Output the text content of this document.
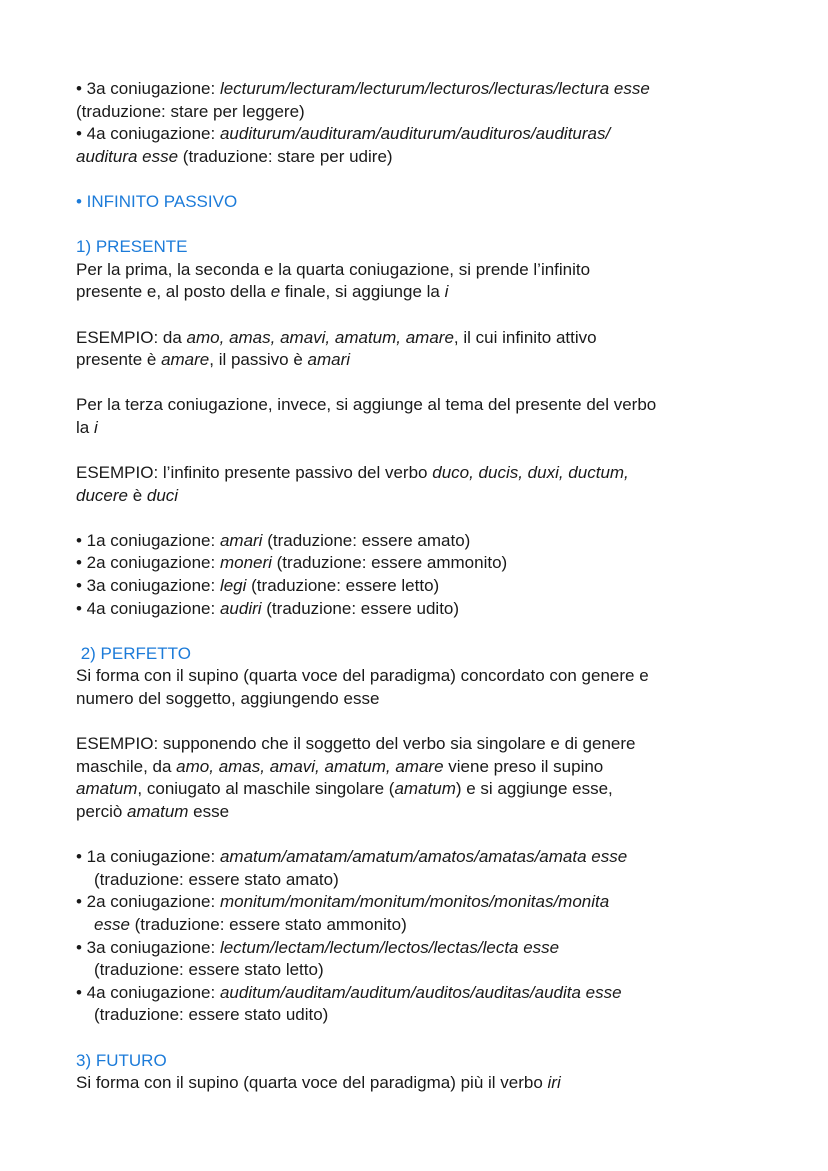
• 3a coniugazione: lecturum/lecturam/lecturum/lecturos/lecturas/lectura esse
(traduzione: stare per leggere)
• 4a coniugazione: auditurum/audituram/auditurum/audituros/audituras/
auditura esse (traduzione: stare per udire)
• INFINITO PASSIVO
1) PRESENTE
Per la prima, la seconda e la quarta coniugazione, si prende l’infinito
presente e, al posto della e finale, si aggiunge la i
ESEMPIO: da amo, amas, amavi, amatum, amare, il cui infinito attivo
presente è amare, il passivo è amari
Per la terza coniugazione, invece, si aggiunge al tema del presente del verbo
la i
ESEMPIO: l’infinito presente passivo del verbo duco, ducis, duxi, ductum,
ducere è duci
• 1a coniugazione: amari (traduzione: essere amato)
• 2a coniugazione: moneri (traduzione: essere ammonito)
• 3a coniugazione: legi (traduzione: essere letto)
• 4a coniugazione: audiri (traduzione: essere udito)
2) PERFETTO
Si forma con il supino (quarta voce del paradigma) concordato con genere e
numero del soggetto, aggiungendo esse
ESEMPIO: supponendo che il soggetto del verbo sia singolare e di genere
maschile, da amo, amas, amavi, amatum, amare viene preso il supino
amatum, coniugato al maschile singolare (amatum) e si aggiunge esse,
perciò amatum esse
• 1a coniugazione: amatum/amatam/amatum/amatos/amatas/amata esse
(traduzione: essere stato amato)
• 2a coniugazione: monitum/monitam/monitum/monitos/monitas/monita
esse (traduzione: essere stato ammonito)
• 3a coniugazione: lectum/lectam/lectum/lectos/lectas/lecta esse
(traduzione: essere stato letto)
• 4a coniugazione: auditum/auditam/auditum/auditos/auditas/audita esse
(traduzione: essere stato udito)
3) FUTURO
Si forma con il supino (quarta voce del paradigma) più il verbo iri
